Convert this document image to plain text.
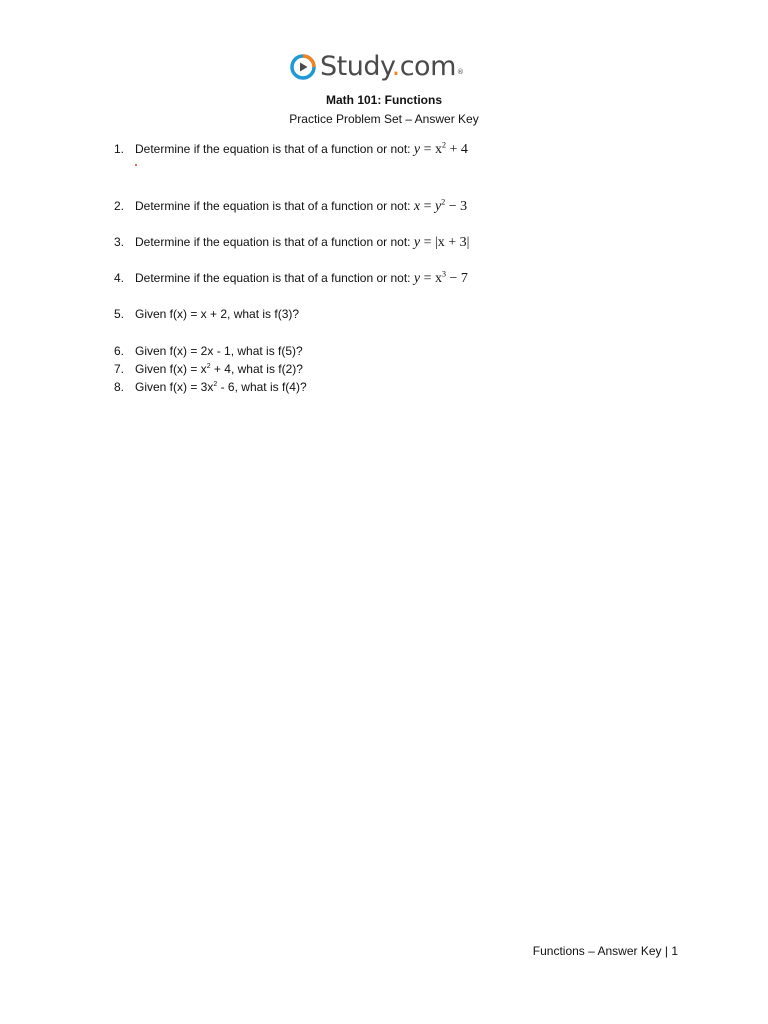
Study.com®
Math 101: Functions
Practice Problem Set – Answer Key
1. Determine if the equation is that of a function or not: $y = x^2 + 4$
2. Determine if the equation is that of a function or not: $x = y^2 - 3$
3. Determine if the equation is that of a function or not: y = |x + 3|
4. Determine if the equation is that of a function or not: $y = x^3 - 7$
5. Given f(x) = x + 2, what is f(3)?
6. Given f(x) = 2x - 1, what is f(5)?
7. Given $f(x) = x^2 + 4$, what is f(2)?
8. Given $f(x) = 3x^2 - 6$, what is f(4)?
Functions – Answer Key | 1
